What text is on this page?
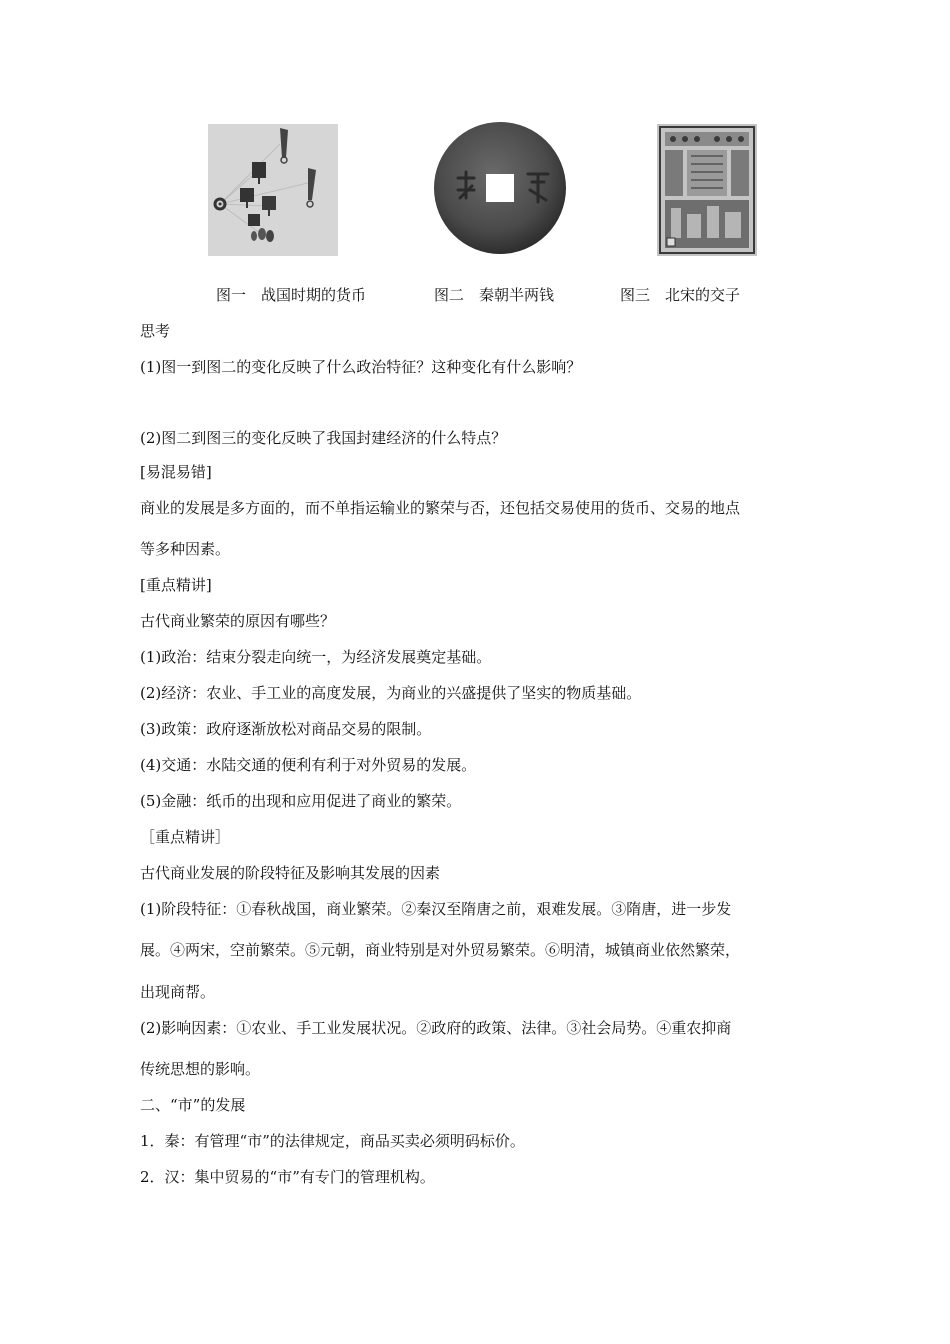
图一　战国时期的货币	图二　秦朝半两钱	图三　北宋的交子
思考
(1)图一到图二的变化反映了什么政治特征？这种变化有什么影响？
(2)图二到图三的变化反映了我国封建经济的什么特点？
[易混易错]
商业的发展是多方面的，而不单指运输业的繁荣与否，还包括交易使用的货币、交易的地点
等多种因素。
[重点精讲]
古代商业繁荣的原因有哪些？
(1)政治：结束分裂走向统一，为经济发展奠定基础。
(2)经济：农业、手工业的高度发展，为商业的兴盛提供了坚实的物质基础。
(3)政策：政府逐渐放松对商品交易的限制。
(4)交通：水陆交通的便利有利于对外贸易的发展。
(5)金融：纸币的出现和应用促进了商业的繁荣。
［重点精讲］
古代商业发展的阶段特征及影响其发展的因素
(1)阶段特征：①春秋战国，商业繁荣。②秦汉至隋唐之前，艰难发展。③隋唐，进一步发
展。④两宋，空前繁荣。⑤元朝，商业特别是对外贸易繁荣。⑥明清，城镇商业依然繁荣，
出现商帮。
(2)影响因素：①农业、手工业发展状况。②政府的政策、法律。③社会局势。④重农抑商
传统思想的影响。
二、“市”的发展
1．秦：有管理“市”的法律规定，商品买卖必须明码标价。
2．汉：集中贸易的“市”有专门的管理机构。
